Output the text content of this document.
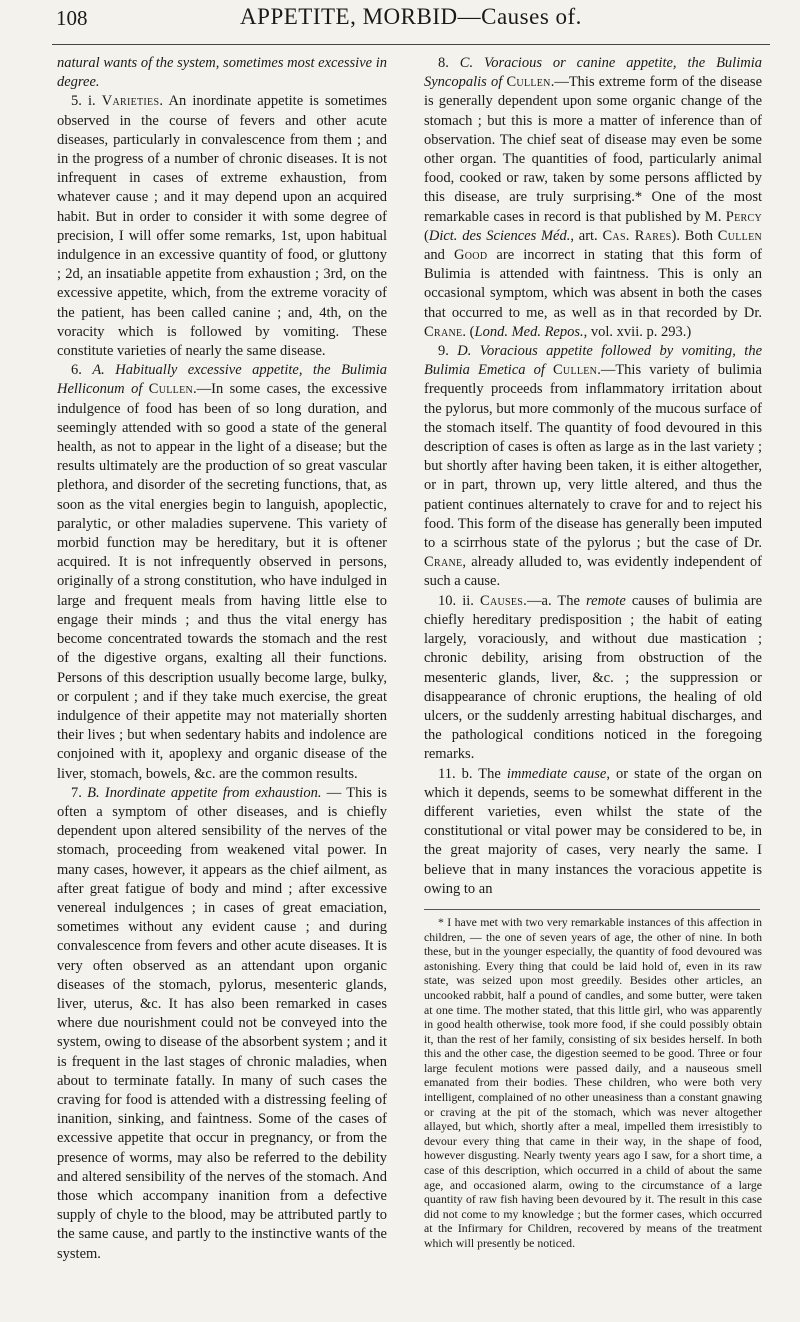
108	APPETITE, MORBID—Causes of.

natural wants of the system, sometimes most excessive in degree.

5. i. Varieties. An inordinate appetite is sometimes observed in the course of fevers and other acute diseases, particularly in convalescence from them ; and in the progress of a number of chronic diseases. It is not infrequent in cases of extreme exhaustion, from whatever cause ; and it may depend upon an acquired habit. But in order to consider it with some degree of precision, I will offer some remarks, 1st, upon habitual indulgence in an excessive quantity of food, or gluttony ; 2d, an insatiable appetite from exhaustion ; 3rd, on the excessive appetite, which, from the extreme voracity of the patient, has been called canine ; and, 4th, on the voracity which is followed by vomiting. These constitute varieties of nearly the same disease.

6. A. Habitually excessive appetite, the Bulimia Helliconum of Cullen.—In some cases, the excessive indulgence of food has been of so long duration, and seemingly attended with so good a state of the general health, as not to appear in the light of a disease; but the results ultimately are the production of so great vascular plethora, and disorder of the secreting functions, that, as soon as the vital energies begin to languish, apoplectic, paralytic, or other maladies supervene. This variety of morbid function may be hereditary, but it is oftener acquired. It is not infrequently observed in persons, originally of a strong constitution, who have indulged in large and frequent meals from having little else to engage their minds ; and thus the vital energy has become concentrated towards the stomach and the rest of the digestive organs, exalting all their functions. Persons of this description usually become large, bulky, or corpulent ; and if they take much exercise, the great indulgence of their appetite may not materially shorten their lives ; but when sedentary habits and indolence are conjoined with it, apoplexy and organic disease of the liver, stomach, bowels, &c. are the common results.

7. B. Inordinate appetite from exhaustion. — This is often a symptom of other diseases, and is chiefly dependent upon altered sensibility of the nerves of the stomach, proceeding from weakened vital power. In many cases, however, it appears as the chief ailment, as after great fatigue of body and mind ; after excessive venereal indulgences ; in cases of great emaciation, sometimes without any evident cause ; and during convalescence from fevers and other acute diseases. It is very often observed as an attendant upon organic diseases of the stomach, pylorus, mesenteric glands, liver, uterus, &c. It has also been remarked in cases where due nourishment could not be conveyed into the system, owing to disease of the absorbent system ; and it is frequent in the last stages of chronic maladies, when about to terminate fatally. In many of such cases the craving for food is attended with a distressing feeling of inanition, sinking, and faintness. Some of the cases of excessive appetite that occur in pregnancy, or from the presence of worms, may also be referred to the debility and altered sensibility of the nerves of the stomach. And those which accompany inanition from a defective supply of chyle to the blood, may be attributed partly to the same cause, and partly to the instinctive wants of the system.

8. C. Voracious or canine appetite, the Bulimia Syncopalis of Cullen.—This extreme form of the disease is generally dependent upon some organic change of the stomach ; but this is more a matter of inference than of observation. The chief seat of disease may even be some other organ. The quantities of food, particularly animal food, cooked or raw, taken by some persons afflicted by this disease, are truly surprising.* One of the most remarkable cases in record is that published by M. Percy (Dict. des Sciences Méd., art. Cas. Rares). Both Cullen and Good are incorrect in stating that this form of Bulimia is attended with faintness. This is only an occasional symptom, which was absent in both the cases that occurred to me, as well as in that recorded by Dr. Crane. (Lond. Med. Repos., vol. xvii. p. 293.)

9. D. Voracious appetite followed by vomiting, the Bulimia Emetica of Cullen.—This variety of bulimia frequently proceeds from inflammatory irritation about the pylorus, but more commonly of the mucous surface of the stomach itself. The quantity of food devoured in this description of cases is often as large as in the last variety ; but shortly after having been taken, it is either altogether, or in part, thrown up, very little altered, and thus the patient continues alternately to crave for and to reject his food. This form of the disease has generally been imputed to a scirrhous state of the pylorus ; but the case of Dr. Crane, already alluded to, was evidently independent of such a cause.

10. ii. Causes.—a. The remote causes of bulimia are chiefly hereditary predisposition ; the habit of eating largely, voraciously, and without due mastication ; chronic debility, arising from obstruction of the mesenteric glands, liver, &c. ; the suppression or disappearance of chronic eruptions, the healing of old ulcers, or the suddenly arresting habitual discharges, and the pathological conditions noticed in the foregoing remarks.

11. b. The immediate cause, or state of the organ on which it depends, seems to be somewhat different in the different varieties, even whilst the state of the constitutional or vital power may be considered to be, in the great majority of cases, very nearly the same. I believe that in many instances the voracious appetite is owing to an

* I have met with two very remarkable instances of this affection in children, — the one of seven years of age, the other of nine. In both these, but in the younger especially, the quantity of food devoured was astonishing. Every thing that could be laid hold of, even in its raw state, was seized upon most greedily. Besides other articles, an uncooked rabbit, half a pound of candles, and some butter, were taken at one time. The mother stated, that this little girl, who was apparently in good health otherwise, took more food, if she could possibly obtain it, than the rest of her family, consisting of six besides herself. In both this and the other case, the digestion seemed to be good. Three or four large feculent motions were passed daily, and a nauseous smell emanated from their bodies. These children, who were both very intelligent, complained of no other uneasiness than a constant gnawing or craving at the pit of the stomach, which was never altogether allayed, but which, shortly after a meal, impelled them irresistibly to devour every thing that came in their way, in the shape of food, however disgusting. Nearly twenty years ago I saw, for a short time, a case of this description, which occurred in a child of about the same age, and occasioned alarm, owing to the circumstance of a large quantity of raw fish having been devoured by it. The result in this case did not come to my knowledge ; but the former cases, which occurred at the Infirmary for Children, recovered by means of the treatment which will presently be noticed.
